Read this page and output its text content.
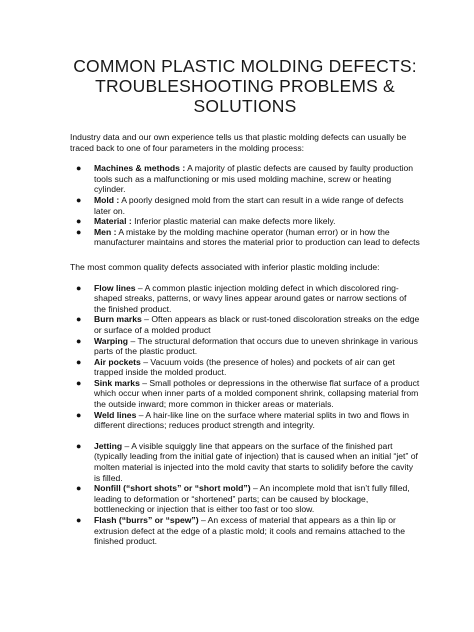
COMMON PLASTIC MOLDING DEFECTS:
TROUBLESHOOTING PROBLEMS &
SOLUTIONS

Industry data and our own experience tells us that plastic molding defects can usually be traced back to one of four parameters in the molding process:

● Machines & methods : A majority of plastic defects are caused by faulty production tools such as a malfunctioning or mis used molding machine, screw or heating cylinder.
● Mold : A poorly designed mold from the start can result in a wide range of defects later on.
● Material : Inferior plastic material can make defects more likely.
● Men : A mistake by the molding machine operator (human error) or in how the manufacturer maintains and stores the material prior to production can lead to defects

The most common quality defects associated with inferior plastic molding include:

● Flow lines – A common plastic injection molding defect in which discolored ring-shaped streaks, patterns, or wavy lines appear around gates or narrow sections of the finished product.
● Burn marks – Often appears as black or rust-toned discoloration streaks on the edge or surface of a molded product
● Warping – The structural deformation that occurs due to uneven shrinkage in various parts of the plastic product.
● Air pockets – Vacuum voids (the presence of holes) and pockets of air can get trapped inside the molded product.
● Sink marks – Small potholes or depressions in the otherwise flat surface of a product which occur when inner parts of a molded component shrink, collapsing material from the outside inward; more common in thicker areas or materials.
● Weld lines – A hair-like line on the surface where material splits in two and flows in different directions; reduces product strength and integrity.
● Jetting – A visible squiggly line that appears on the surface of the finished part (typically leading from the initial gate of injection) that is caused when an initial “jet” of molten material is injected into the mold cavity that starts to solidify before the cavity is filled.
● Nonfill (“short shots” or “short mold”) – An incomplete mold that isn’t fully filled, leading to deformation or “shortened” parts; can be caused by blockage, bottlenecking or injection that is either too fast or too slow.
● Flash (“burrs” or “spew”) – An excess of material that appears as a thin lip or extrusion defect at the edge of a plastic mold; it cools and remains attached to the finished product.
